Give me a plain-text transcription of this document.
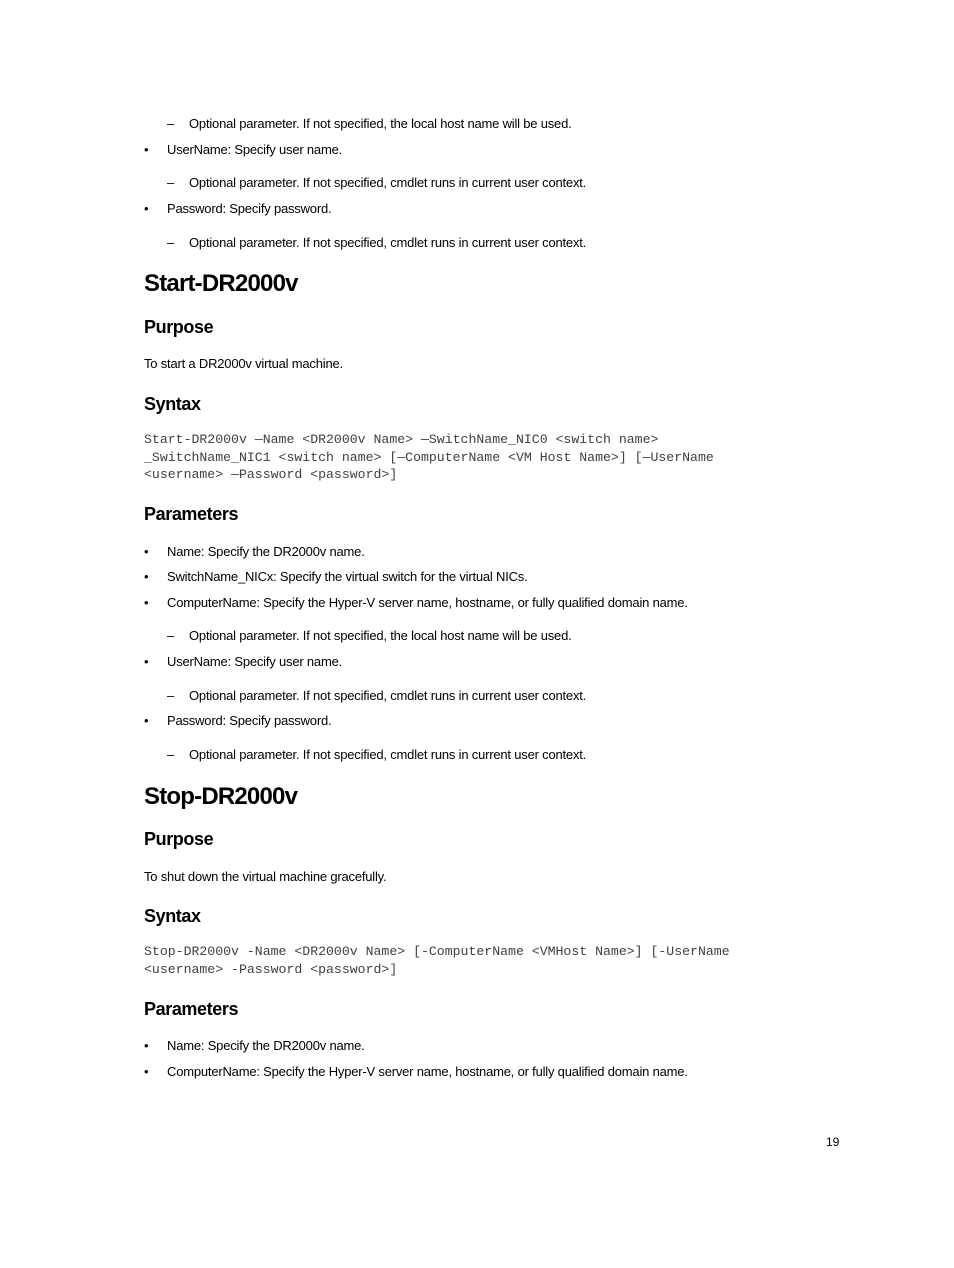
– Optional parameter. If not specified, the local host name will be used.
• UserName: Specify user name.
– Optional parameter. If not specified, cmdlet runs in current user context.
• Password: Specify password.
– Optional parameter. If not specified, cmdlet runs in current user context.
Start-DR2000v
Purpose
To start a DR2000v virtual machine.
Syntax
Start-DR2000v —Name <DR2000v Name> —SwitchName_NIC0 <switch name>
_SwitchName_NIC1 <switch name> [—ComputerName <VM Host Name>] [—UserName
<username> —Password <password>]
Parameters
• Name: Specify the DR2000v name.
• SwitchName_NICx: Specify the virtual switch for the virtual NICs.
• ComputerName: Specify the Hyper-V server name, hostname, or fully qualified domain name.
– Optional parameter. If not specified, the local host name will be used.
• UserName: Specify user name.
– Optional parameter. If not specified, cmdlet runs in current user context.
• Password: Specify password.
– Optional parameter. If not specified, cmdlet runs in current user context.
Stop-DR2000v
Purpose
To shut down the virtual machine gracefully.
Syntax
Stop-DR2000v -Name <DR2000v Name> [-ComputerName <VMHost Name>] [-UserName
<username> -Password <password>]
Parameters
• Name: Specify the DR2000v name.
• ComputerName: Specify the Hyper-V server name, hostname, or fully qualified domain name.
19
